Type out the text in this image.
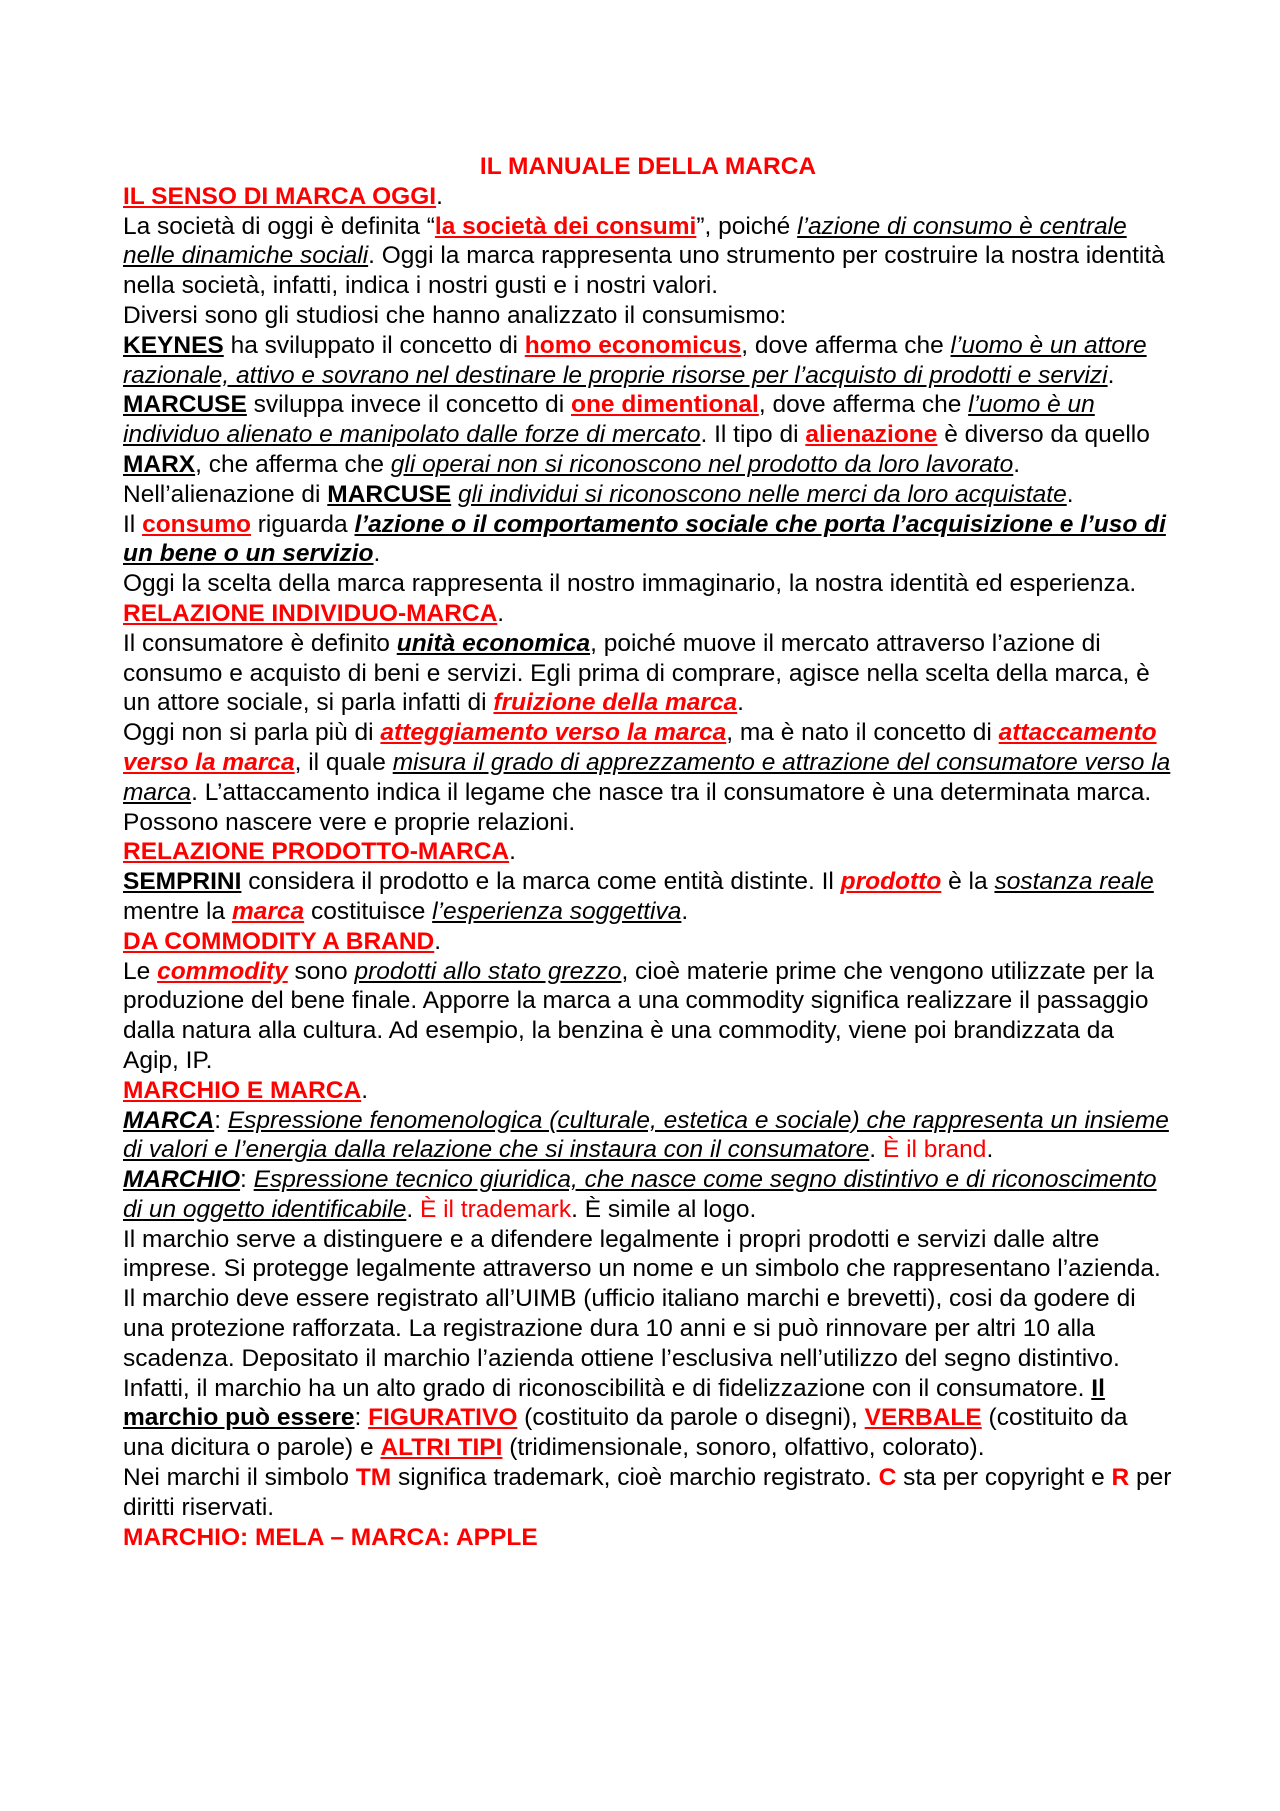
IL MANUALE DELLA MARCA

IL SENSO DI MARCA OGGI.

La società di oggi è definita “la società dei consumi”, poiché l’azione di consumo è centrale nelle dinamiche sociali. Oggi la marca rappresenta uno strumento per costruire la nostra identità nella società, infatti, indica i nostri gusti e i nostri valori.

Diversi sono gli studiosi che hanno analizzato il consumismo:

KEYNES ha sviluppato il concetto di homo economicus, dove afferma che l’uomo è un attore razionale, attivo e sovrano nel destinare le proprie risorse per l’acquisto di prodotti e servizi.

MARCUSE sviluppa invece il concetto di one dimentional, dove afferma che l’uomo è un individuo alienato e manipolato dalle forze di mercato. Il tipo di alienazione è diverso da quello MARX, che afferma che gli operai non si riconoscono nel prodotto da loro lavorato.

Nell’alienazione di MARCUSE gli individui si riconoscono nelle merci da loro acquistate.

Il consumo riguarda l’azione o il comportamento sociale che porta l’acquisizione e l’uso di un bene o un servizio.

Oggi la scelta della marca rappresenta il nostro immaginario, la nostra identità ed esperienza.

RELAZIONE INDIVIDUO-MARCA.

Il consumatore è definito unità economica, poiché muove il mercato attraverso l’azione di consumo e acquisto di beni e servizi. Egli prima di comprare, agisce nella scelta della marca, è un attore sociale, si parla infatti di fruizione della marca.

Oggi non si parla più di atteggiamento verso la marca, ma è nato il concetto di attaccamento verso la marca, il quale misura il grado di apprezzamento e attrazione del consumatore verso la marca. L’attaccamento indica il legame che nasce tra il consumatore è una determinata marca. Possono nascere vere e proprie relazioni.

RELAZIONE PRODOTTO-MARCA.

SEMPRINI considera il prodotto e la marca come entità distinte. Il prodotto è la sostanza reale mentre la marca costituisce l’esperienza soggettiva.

DA COMMODITY A BRAND.

Le commodity sono prodotti allo stato grezzo, cioè materie prime che vengono utilizzate per la produzione del bene finale. Apporre la marca a una commodity significa realizzare il passaggio dalla natura alla cultura. Ad esempio, la benzina è una commodity, viene poi brandizzata da Agip, IP.

MARCHIO E MARCA.

MARCA: Espressione fenomenologica (culturale, estetica e sociale) che rappresenta un insieme di valori e l’energia dalla relazione che si instaura con il consumatore. È il brand.

MARCHIO: Espressione tecnico giuridica, che nasce come segno distintivo e di riconoscimento di un oggetto identificabile. È il trademark. È simile al logo.

Il marchio serve a distinguere e a difendere legalmente i propri prodotti e servizi dalle altre imprese. Si protegge legalmente attraverso un nome e un simbolo che rappresentano l’azienda.

Il marchio deve essere registrato all’UIMB (ufficio italiano marchi e brevetti), cosi da godere di una protezione rafforzata. La registrazione dura 10 anni e si può rinnovare per altri 10 alla scadenza. Depositato il marchio l’azienda ottiene l’esclusiva nell’utilizzo del segno distintivo. Infatti, il marchio ha un alto grado di riconoscibilità e di fidelizzazione con il consumatore. Il marchio può essere: FIGURATIVO (costituito da parole o disegni), VERBALE (costituito da una dicitura o parole) e ALTRI TIPI (tridimensionale, sonoro, olfattivo, colorato).

Nei marchi il simbolo TM significa trademark, cioè marchio registrato. C sta per copyright e R per diritti riservati.

MARCHIO: MELA – MARCA: APPLE
